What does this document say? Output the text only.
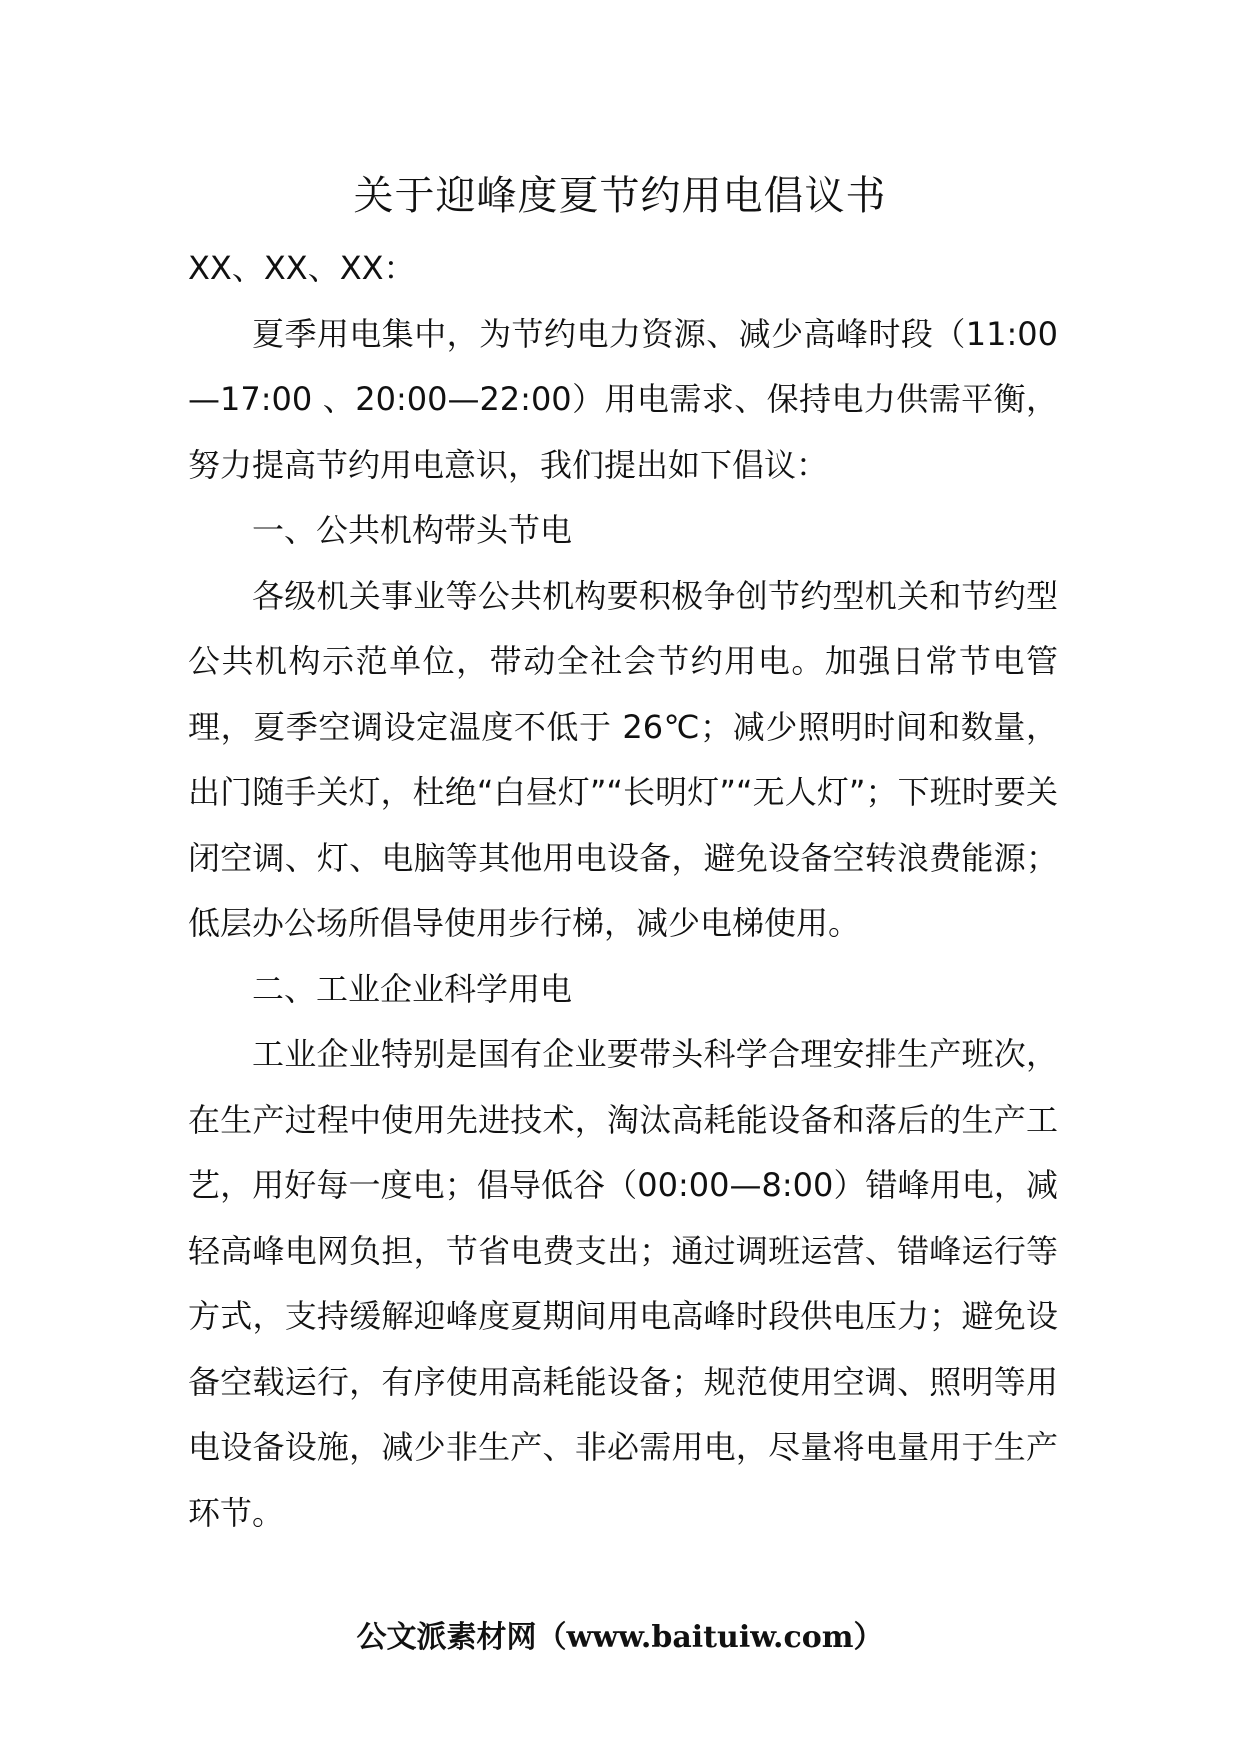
关于迎峰度夏节约用电倡议书

XX、XX、XX：

夏季用电集中，为节约电力资源、减少高峰时段（11:00—17:00 、20:00—22:00）用电需求、保持电力供需平衡，努力提高节约用电意识，我们提出如下倡议：

一、公共机构带头节电

各级机关事业等公共机构要积极争创节约型机关和节约型公共机构示范单位，带动全社会节约用电。加强日常节电管理，夏季空调设定温度不低于 26℃；减少照明时间和数量，出门随手关灯，杜绝“白昼灯”“长明灯”“无人灯”；下班时要关闭空调、灯、电脑等其他用电设备，避免设备空转浪费能源；低层办公场所倡导使用步行梯，减少电梯使用。

二、工业企业科学用电

工业企业特别是国有企业要带头科学合理安排生产班次，在生产过程中使用先进技术，淘汰高耗能设备和落后的生产工艺，用好每一度电；倡导低谷（00:00—8:00）错峰用电，减轻高峰电网负担，节省电费支出；通过调班运营、错峰运行等方式，支持缓解迎峰度夏期间用电高峰时段供电压力；避免设备空载运行，有序使用高耗能设备；规范使用空调、照明等用电设备设施，减少非生产、非必需用电，尽量将电量用于生产环节。

公文派素材网（www.baituiw.com）
